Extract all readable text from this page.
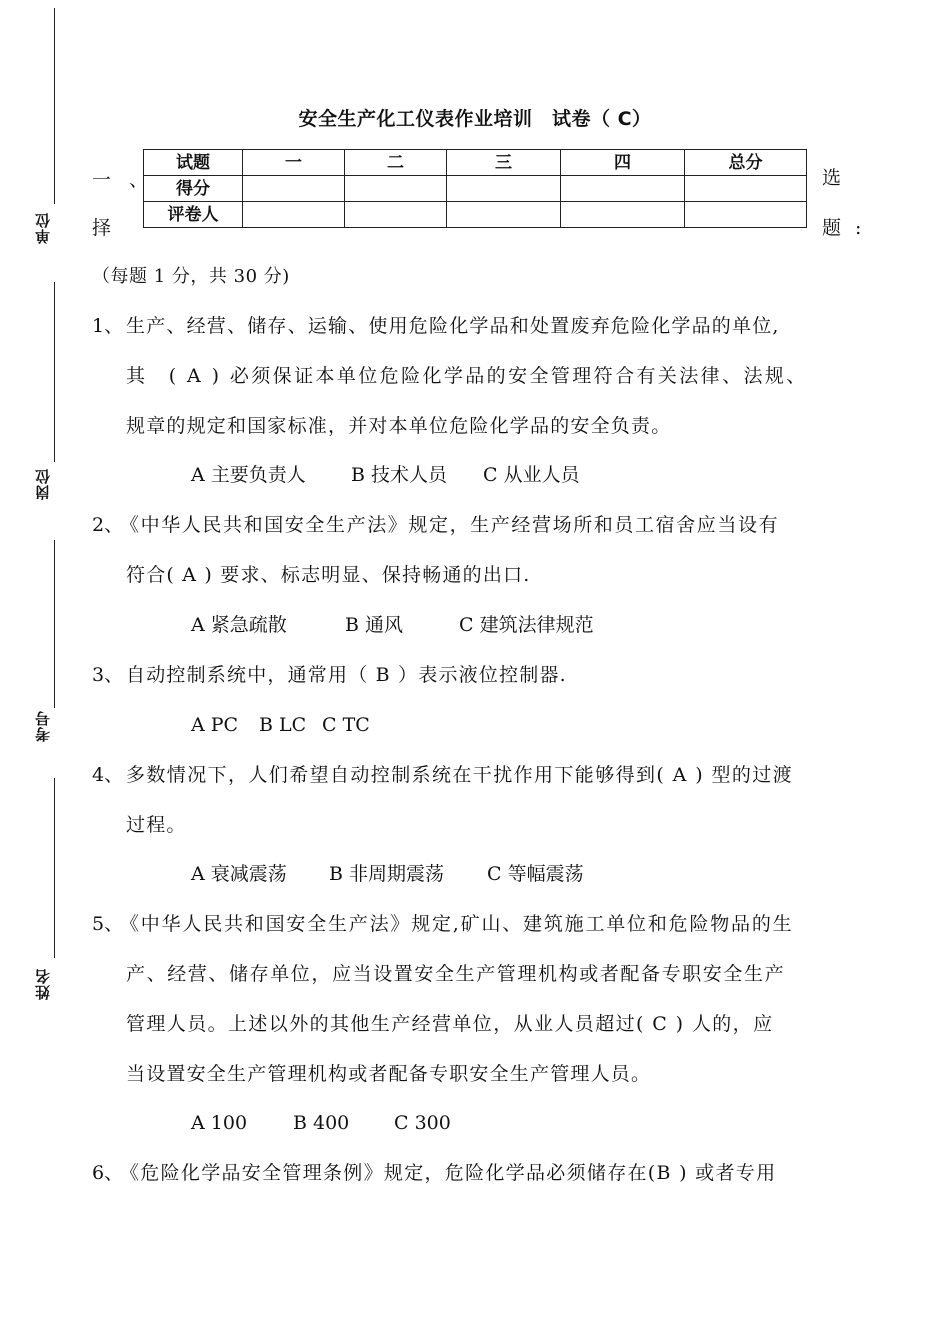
单位
岗位
考号
姓名
安全生产化工仪表作业培训　试卷（ C）
试题	一	二	三	四	总分
得分					
评卷人					
一 、
择
选
题 :
（每题 1 分，共 30 分)
1、 生产、经营、储存、运输、使用危险化学品和处置废弃危险化学品的单位,
其　( A ) 必须保证本单位危险化学品的安全管理符合有关法律、法规、
规章的规定和国家标准，并对本单位危险化学品的安全负责。
A 主要负责人 B 技术人员 C 从业人员
2、
《中华人民共和国安全生产法》规定，生产经营场所和员工宿舍应当设有
符合( A ) 要求、标志明显、保持畅通的出口.
A 紧急疏散	B 通风	C 建筑法律规范
3、 自动控制系统中，通常用（ B ）表示液位控制器.
A PC B LC C TC
4、 多数情况下，人们希望自动控制系统在干扰作用下能够得到( A ) 型的过渡
过程。
A 衰减震荡 B 非周期震荡 C 等幅震荡
5、
《中华人民共和国安全生产法》规定,矿山、建筑施工单位和危险物品的生
产、经营、储存单位，应当设置安全生产管理机构或者配备专职安全生产
管理人员。上述以外的其他生产经营单位，从业人员超过( C ) 人的，应
当设置安全生产管理机构或者配备专职安全生产管理人员。
A 100 B 400 C 300
6、
《危险化学品安全管理条例》规定，危险化学品必须储存在(B ) 或者专用
